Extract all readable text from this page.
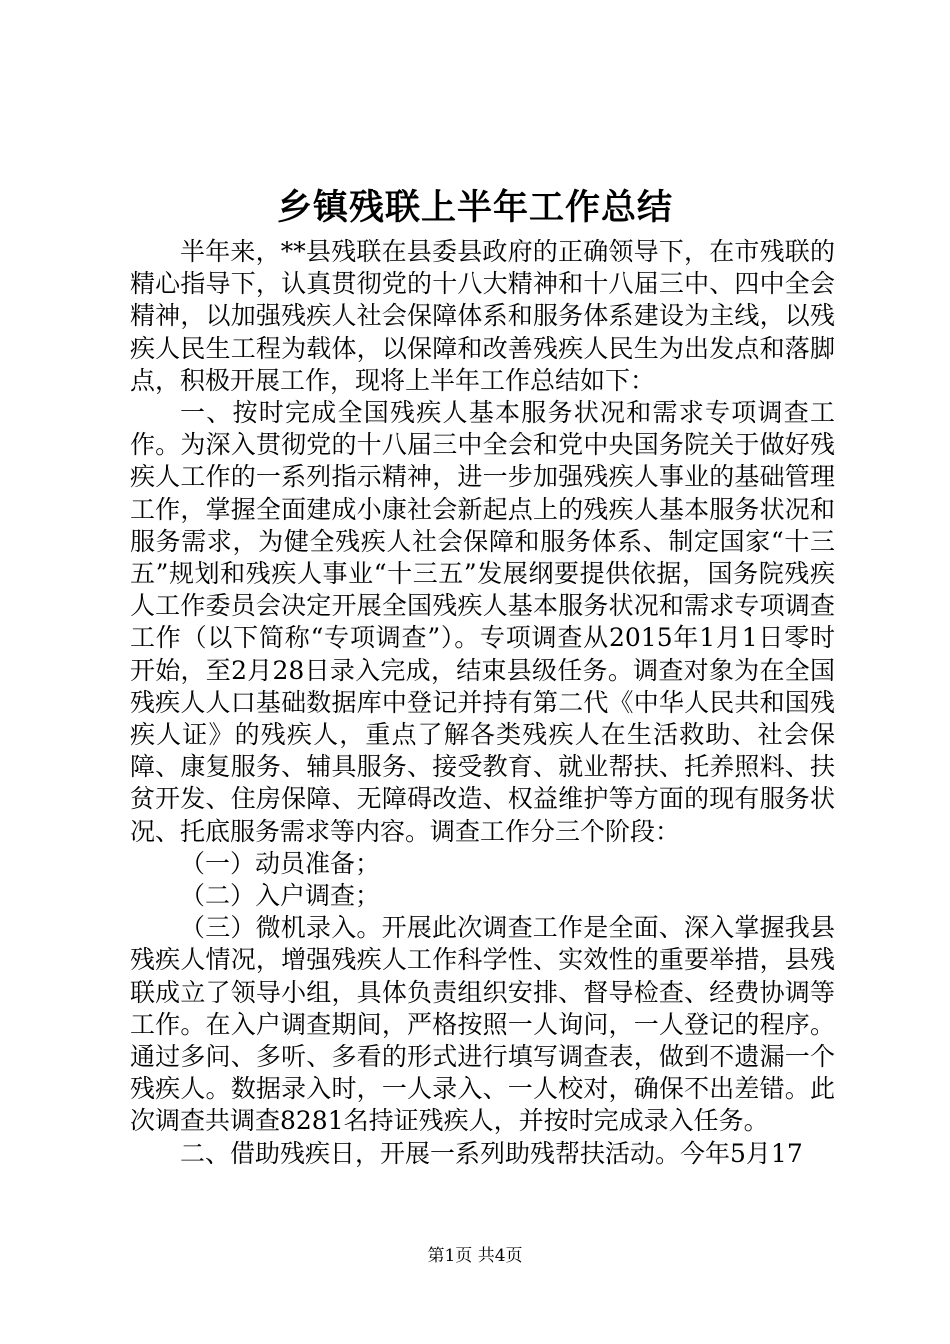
乡镇残联上半年工作总结

半年来，**县残联在县委县政府的正确领导下，在市残联的精心指导下，认真贯彻党的十八大精神和十八届三中、四中全会精神，以加强残疾人社会保障体系和服务体系建设为主线，以残疾人民生工程为载体，以保障和改善残疾人民生为出发点和落脚点，积极开展工作，现将上半年工作总结如下：

一、按时完成全国残疾人基本服务状况和需求专项调查工作。为深入贯彻党的十八届三中全会和党中央国务院关于做好残疾人工作的一系列指示精神，进一步加强残疾人事业的基础管理工作，掌握全面建成小康社会新起点上的残疾人基本服务状况和服务需求，为健全残疾人社会保障和服务体系、制定国家“十三五”规划和残疾人事业“十三五”发展纲要提供依据，国务院残疾人工作委员会决定开展全国残疾人基本服务状况和需求专项调查工作（以下简称“专项调查”）。专项调查从2015年1月1日零时开始，至2月28日录入完成，结束县级任务。调查对象为在全国残疾人人口基础数据库中登记并持有第二代《中华人民共和国残疾人证》的残疾人，重点了解各类残疾人在生活救助、社会保障、康复服务、辅具服务、接受教育、就业帮扶、托养照料、扶贫开发、住房保障、无障碍改造、权益维护等方面的现有服务状况、托底服务需求等内容。调查工作分三个阶段：

（一）动员准备；

（二）入户调查；

（三）微机录入。开展此次调查工作是全面、深入掌握我县残疾人情况，增强残疾人工作科学性、实效性的重要举措，县残联成立了领导小组，具体负责组织安排、督导检查、经费协调等工作。在入户调查期间，严格按照一人询问，一人登记的程序。通过多问、多听、多看的形式进行填写调查表，做到不遗漏一个残疾人。数据录入时，一人录入、一人校对，确保不出差错。此次调查共调查8281名持证残疾人，并按时完成录入任务。

二、借助残疾日，开展一系列助残帮扶活动。今年5月17

第1页 共4页
